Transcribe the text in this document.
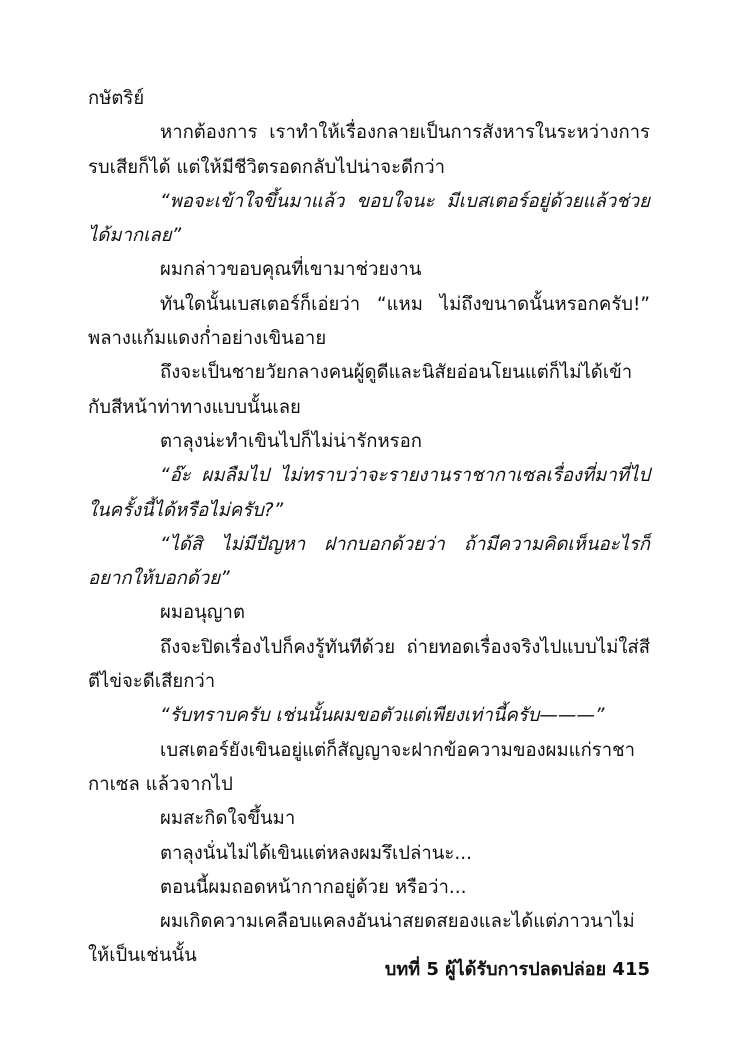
กษัตริย์

หากต้องการ เราทำให้เรื่องกลายเป็นการสังหารในระหว่างการรบเสียก็ได้ แต่ให้มีชีวิตรอดกลับไปน่าจะดีกว่า

“พอจะเข้าใจขึ้นมาแล้ว ขอบใจนะ มีเบสเตอร์อยู่ด้วยแล้วช่วยได้มากเลย”

ผมกล่าวขอบคุณที่เขามาช่วยงาน

ทันใดนั้นเบสเตอร์ก็เอ่ยว่า “แหม ไม่ถึงขนาดนั้นหรอกครับ!” พลางแก้มแดงก่ำอย่างเขินอาย

ถึงจะเป็นชายวัยกลางคนผู้ดูดีและนิสัยอ่อนโยนแต่ก็ไม่ได้เข้ากับสีหน้าท่าทางแบบนั้นเลย

ตาลุงน่ะทำเขินไปก็ไม่น่ารักหรอก

“อ๊ะ ผมลืมไป ไม่ทราบว่าจะรายงานราชากาเซลเรื่องที่มาที่ไปในครั้งนี้ได้หรือไม่ครับ?”

“ได้สิ ไม่มีปัญหา ฝากบอกด้วยว่า ถ้ามีความคิดเห็นอะไรก็อยากให้บอกด้วย”

ผมอนุญาต

ถึงจะปิดเรื่องไปก็คงรู้ทันทีด้วย ถ่ายทอดเรื่องจริงไปแบบไม่ใส่สีตีไข่จะดีเสียกว่า

“รับทราบครับ เช่นนั้นผมขอตัวแต่เพียงเท่านี้ครับ———”

เบสเตอร์ยังเขินอยู่แต่ก็สัญญาจะฝากข้อความของผมแก่ราชากาเซล แล้วจากไป

ผมสะกิดใจขึ้นมา

ตาลุงนั่นไม่ได้เขินแต่หลงผมรึเปล่านะ...

ตอนนี้ผมถอดหน้ากากอยู่ด้วย หรือว่า...

ผมเกิดความเคลือบแคลงอันน่าสยดสยองและได้แต่ภาวนาไม่ให้เป็นเช่นนั้น

บทที่ 5 ผู้ได้รับการปลดปล่อย 415
